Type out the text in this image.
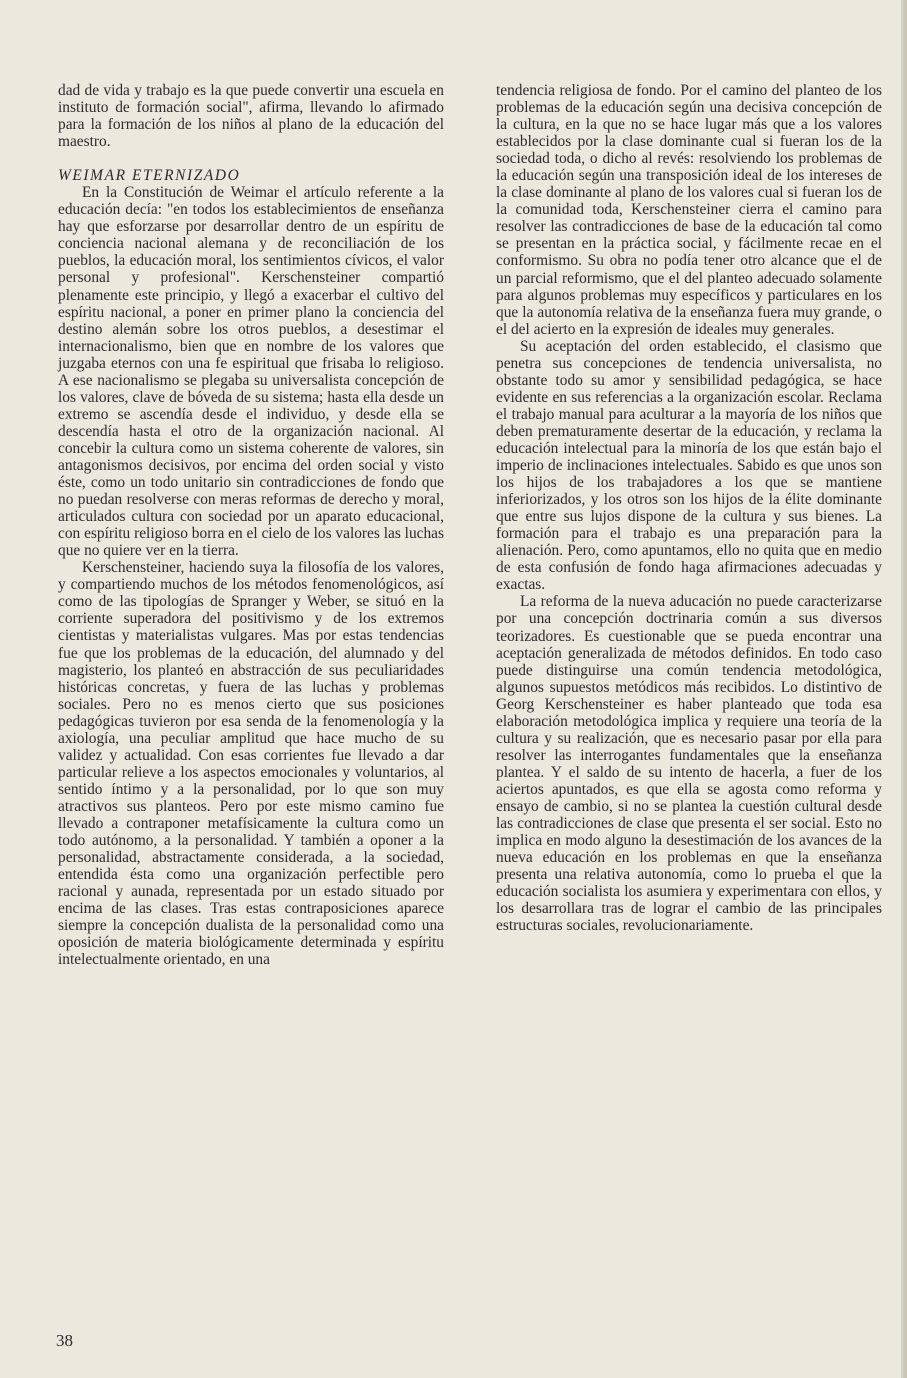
dad de vida y trabajo es la que puede convertir una escuela en instituto de formación social", afirma, llevando lo afirmado para la formación de los niños al plano de la educación del maestro.

WEIMAR ETERNIZADO

En la Constitución de Weimar el artículo referente a la educación decía: "en todos los establecimientos de enseñanza hay que esforzarse por desarrollar dentro de un espíritu de conciencia nacional alemana y de reconciliación de los pueblos, la educación moral, los sentimientos cívicos, el valor personal y profesional". Kerschensteiner compartió plenamente este principio, y llegó a exacerbar el cultivo del espíritu nacional, a poner en primer plano la conciencia del destino alemán sobre los otros pueblos, a desestimar el internacionalismo, bien que en nombre de los valores que juzgaba eternos con una fe espiritual que frisaba lo religioso. A ese nacionalismo se plegaba su universalista concepción de los valores, clave de bóveda de su sistema; hasta ella desde un extremo se ascendía desde el individuo, y desde ella se descendía hasta el otro de la organización nacional. Al concebir la cultura como un sistema coherente de valores, sin antagonismos decisivos, por encima del orden social y visto éste, como un todo unitario sin contradicciones de fondo que no puedan resolverse con meras reformas de derecho y moral, articulados cultura con sociedad por un aparato educacional, con espíritu religioso borra en el cielo de los valores las luchas que no quiere ver en la tierra.

Kerschensteiner, haciendo suya la filosofía de los valores, y compartiendo muchos de los métodos fenomenológicos, así como de las tipologías de Spranger y Weber, se situó en la corriente superadora del positivismo y de los extremos cientistas y materialistas vulgares. Mas por estas tendencias fue que los problemas de la educación, del alumnado y del magisterio, los planteó en abstracción de sus peculiaridades históricas concretas, y fuera de las luchas y problemas sociales. Pero no es menos cierto que sus posiciones pedagógicas tuvieron por esa senda de la fenomenología y la axiología, una peculiar amplitud que hace mucho de su validez y actualidad. Con esas corrientes fue llevado a dar particular relieve a los aspectos emocionales y voluntarios, al sentido íntimo y a la personalidad, por lo que son muy atractivos sus planteos. Pero por este mismo camino fue llevado a contraponer metafísicamente la cultura como un todo autónomo, a la personalidad. Y también a oponer a la personalidad, abstractamente considerada, a la sociedad, entendida ésta como una organización perfectible pero racional y aunada, representada por un estado situado por encima de las clases. Tras estas contraposiciones aparece siempre la concepción dualista de la personalidad como una oposición de materia biológicamente determinada y espíritu intelectualmente orientado, en una

tendencia religiosa de fondo. Por el camino del planteo de los problemas de la educación según una decisiva concepción de la cultura, en la que no se hace lugar más que a los valores establecidos por la clase dominante cual si fueran los de la sociedad toda, o dicho al revés: resolviendo los problemas de la educación según una transposición ideal de los intereses de la clase dominante al plano de los valores cual si fueran los de la comunidad toda, Kerschensteiner cierra el camino para resolver las contradicciones de base de la educación tal como se presentan en la práctica social, y fácilmente recae en el conformismo. Su obra no podía tener otro alcance que el de un parcial reformismo, que el del planteo adecuado solamente para algunos problemas muy específicos y particulares en los que la autonomía relativa de la enseñanza fuera muy grande, o el del acierto en la expresión de ideales muy generales.

Su aceptación del orden establecido, el clasismo que penetra sus concepciones de tendencia universalista, no obstante todo su amor y sensibilidad pedagógica, se hace evidente en sus referencias a la organización escolar. Reclama el trabajo manual para aculturar a la mayoría de los niños que deben prematuramente desertar de la educación, y reclama la educación intelectual para la minoría de los que están bajo el imperio de inclinaciones intelectuales. Sabido es que unos son los hijos de los trabajadores a los que se mantiene inferiorizados, y los otros son los hijos de la élite dominante que entre sus lujos dispone de la cultura y sus bienes. La formación para el trabajo es una preparación para la alienación. Pero, como apuntamos, ello no quita que en medio de esta confusión de fondo haga afirmaciones adecuadas y exactas.

La reforma de la nueva aducación no puede caracterizarse por una concepción doctrinaria común a sus diversos teorizadores. Es cuestionable que se pueda encontrar una aceptación generalizada de métodos definidos. En todo caso puede distinguirse una común tendencia metodológica, algunos supuestos metódicos más recibidos. Lo distintivo de Georg Kerschensteiner es haber planteado que toda esa elaboración metodológica implica y requiere una teoría de la cultura y su realización, que es necesario pasar por ella para resolver las interrogantes fundamentales que la enseñanza plantea. Y el saldo de su intento de hacerla, a fuer de los aciertos apuntados, es que ella se agosta como reforma y ensayo de cambio, si no se plantea la cuestión cultural desde las contradicciones de clase que presenta el ser social. Esto no implica en modo alguno la desestimación de los avances de la nueva educación en los problemas en que la enseñanza presenta una relativa autonomía, como lo prueba el que la educación socialista los asumiera y experimentara con ellos, y los desarrollara tras de lograr el cambio de las principales estructuras sociales, revolucionariamente.

38
